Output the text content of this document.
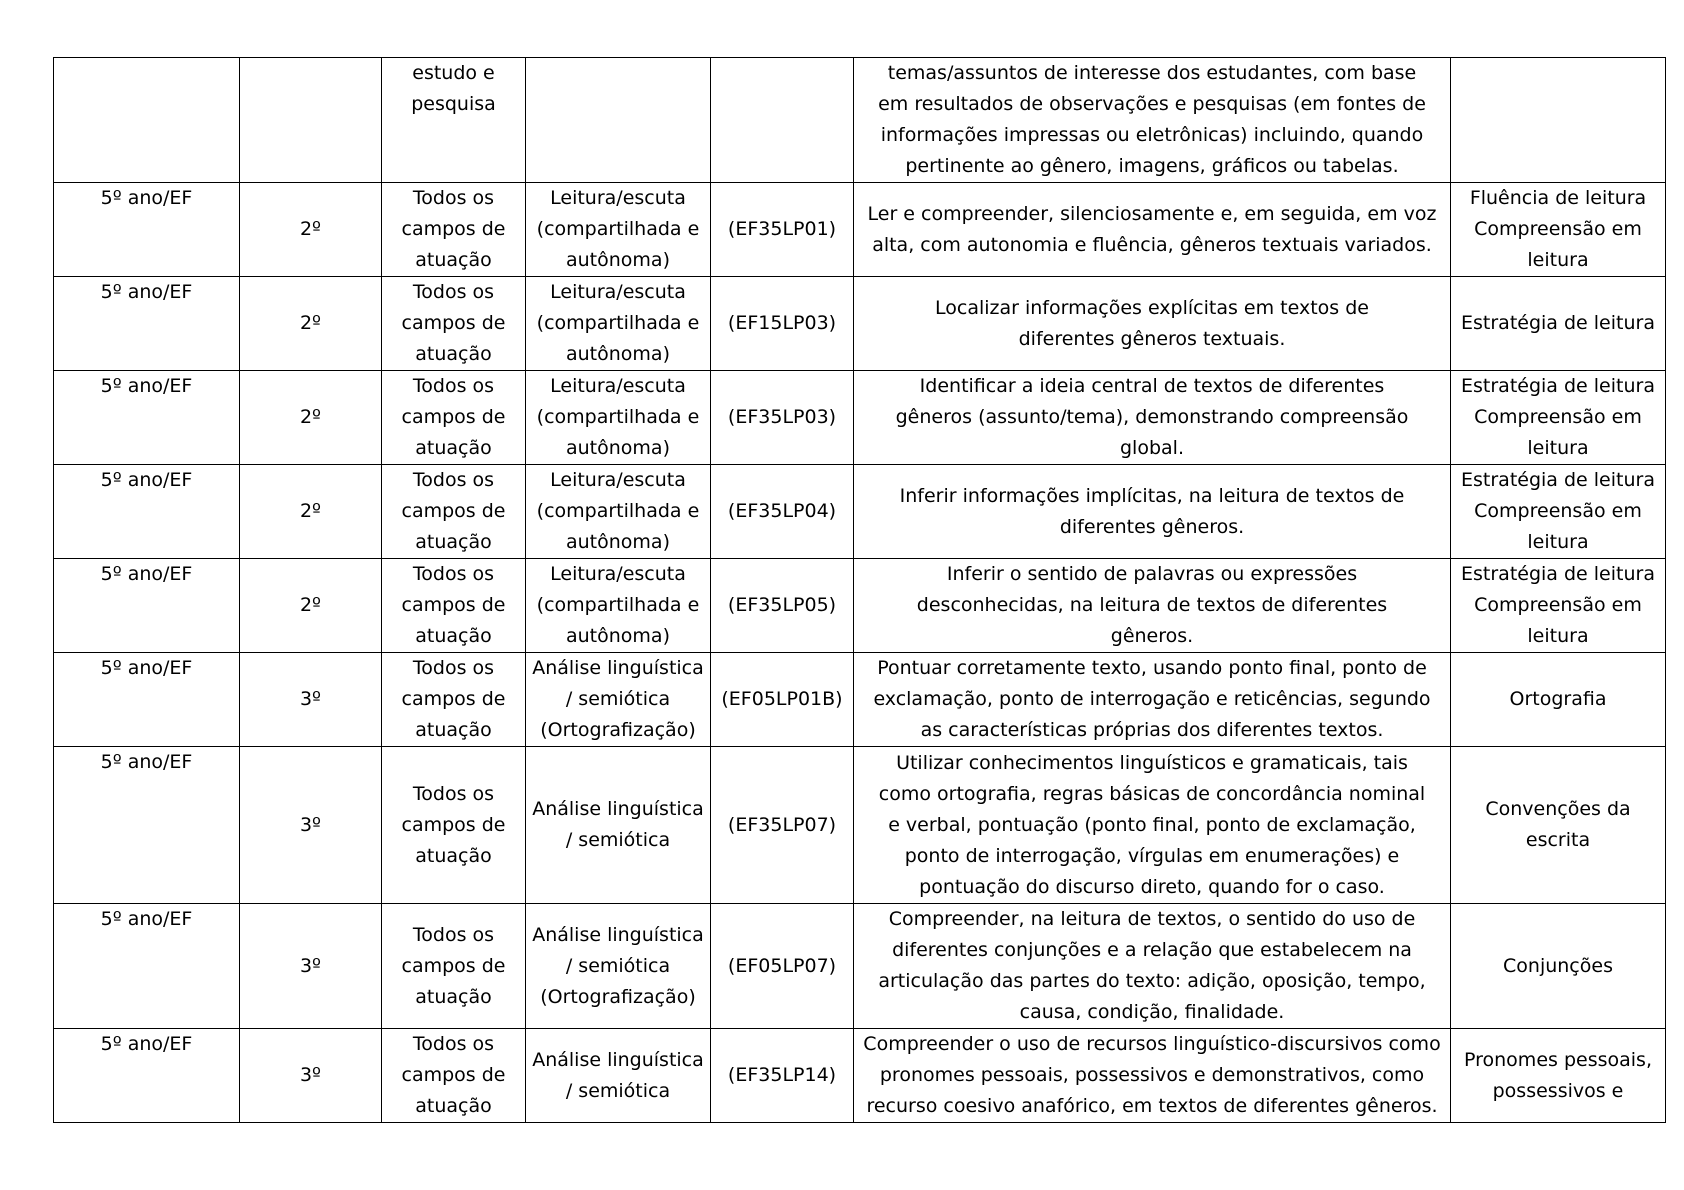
		estudo e pesquisa			temas/assuntos de interesse dos estudantes, com base em resultados de observações e pesquisas (em fontes de informações impressas ou eletrônicas) incluindo, quando pertinente ao gênero, imagens, gráficos ou tabelas.	
5º ano/EF	2º	Todos os campos de atuação	Leitura/escuta (compartilhada e autônoma)	(EF35LP01)	Ler e compreender, silenciosamente e, em seguida, em voz alta, com autonomia e fluência, gêneros textuais variados.	Fluência de leitura Compreensão em leitura
5º ano/EF	2º	Todos os campos de atuação	Leitura/escuta (compartilhada e autônoma)	(EF15LP03)	Localizar informações explícitas em textos de diferentes gêneros textuais.	Estratégia de leitura
5º ano/EF	2º	Todos os campos de atuação	Leitura/escuta (compartilhada e autônoma)	(EF35LP03)	Identificar a ideia central de textos de diferentes gêneros (assunto/tema), demonstrando compreensão global.	Estratégia de leitura Compreensão em leitura
5º ano/EF	2º	Todos os campos de atuação	Leitura/escuta (compartilhada e autônoma)	(EF35LP04)	Inferir informações implícitas, na leitura de textos de diferentes gêneros.	Estratégia de leitura Compreensão em leitura
5º ano/EF	2º	Todos os campos de atuação	Leitura/escuta (compartilhada e autônoma)	(EF35LP05)	Inferir o sentido de palavras ou expressões desconhecidas, na leitura de textos de diferentes gêneros.	Estratégia de leitura Compreensão em leitura
5º ano/EF	3º	Todos os campos de atuação	Análise linguística / semiótica (Ortografização)	(EF05LP01B)	Pontuar corretamente texto, usando ponto final, ponto de exclamação, ponto de interrogação e reticências, segundo as características próprias dos diferentes textos.	Ortografia
5º ano/EF	3º	Todos os campos de atuação	Análise linguística / semiótica	(EF35LP07)	Utilizar conhecimentos linguísticos e gramaticais, tais como ortografia, regras básicas de concordância nominal e verbal, pontuação (ponto final, ponto de exclamação, ponto de interrogação, vírgulas em enumerações) e pontuação do discurso direto, quando for o caso.	Convenções da escrita
5º ano/EF	3º	Todos os campos de atuação	Análise linguística / semiótica (Ortografização)	(EF05LP07)	Compreender, na leitura de textos, o sentido do uso de diferentes conjunções e a relação que estabelecem na articulação das partes do texto: adição, oposição, tempo, causa, condição, finalidade.	Conjunções
5º ano/EF	3º	Todos os campos de atuação	Análise linguística / semiótica	(EF35LP14)	Compreender o uso de recursos linguístico-discursivos como pronomes pessoais, possessivos e demonstrativos, como recurso coesivo anafórico, em textos de diferentes gêneros.	Pronomes pessoais, possessivos e
